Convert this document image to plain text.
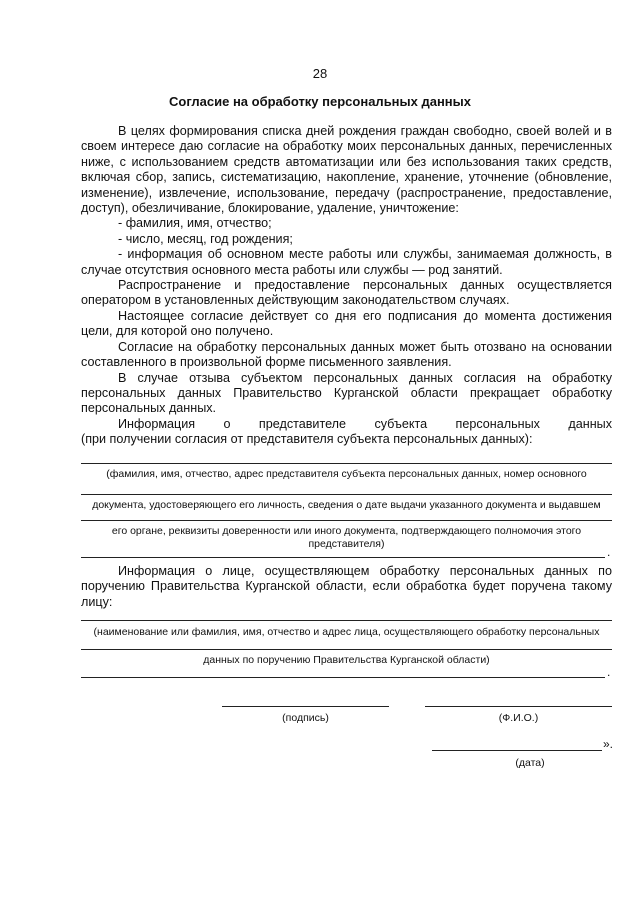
28
Согласие на обработку персональных данных

В целях формирования списка дней рождения граждан свободно, своей волей и в своем интересе даю согласие на обработку моих персональных данных, перечисленных ниже, с использованием средств автоматизации или без использования таких средств, включая сбор, запись, систематизацию, накопление, хранение, уточнение (обновление, изменение), извлечение, использование, передачу (распространение, предоставление, доступ), обезличивание, блокирование, удаление, уничтожение:

- фамилия, имя, отчество;

- число, месяц, год рождения;

- информация об основном месте работы или службы, занимаемая должность, в случае отсутствия основного места работы или службы — род занятий.

Распространение и предоставление персональных данных осуществляется оператором в установленных действующим законодательством случаях.

Настоящее согласие действует со дня его подписания до момента достижения цели, для которой оно получено.

Согласие на обработку персональных данных может быть отозвано на основании составленного в произвольной форме письменного заявления.

В случае отзыва субъектом персональных данных согласия на обработку персональных данных Правительство Курганской области прекращает обработку персональных данных.

Информация о представителе субъекта персональных данных

(при получении согласия от представителя субъекта персональных данных):

(фамилия, имя, отчество, адрес представителя субъекта персональных данных, номер основного
документа, удостоверяющего его личность, сведения о дате выдачи указанного документа и выдавшем
его органе, реквизиты доверенности или иного документа, подтверждающего полномочия этого
представителя)
.

Информация о лице, осуществляющем обработку персональных данных по поручению Правительства Курганской области, если обработка будет поручена такому лицу:

(наименование или фамилия, имя, отчество и адрес лица, осуществляющего обработку персональных
данных по поручению Правительства Курганской области)
.
(подпись)	(Ф.И.О.)
».
(дата)
